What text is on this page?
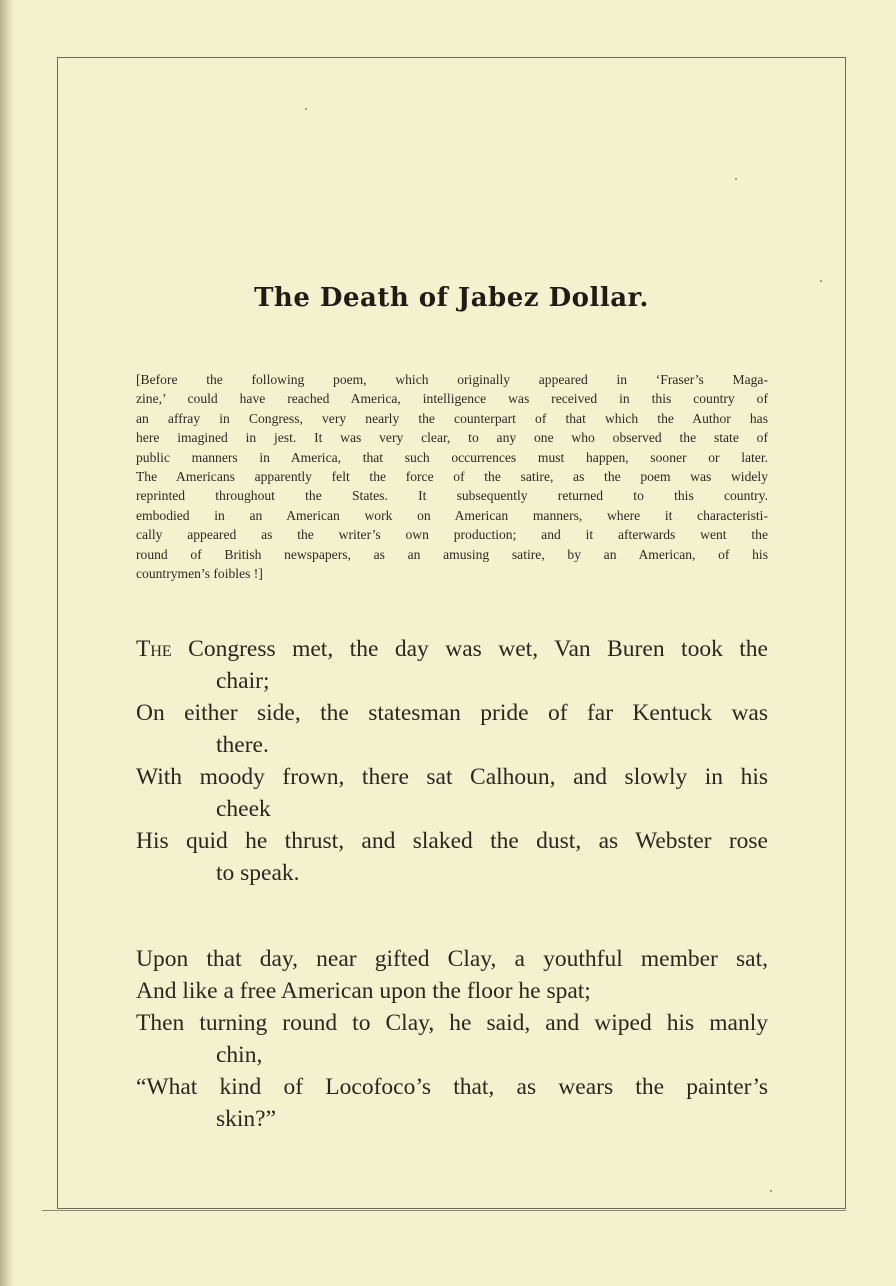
The Death of Jabez Dollar.
[Before the following poem, which originally appeared in ‘Fraser’s Maga-
zine,’ could have reached America, intelligence was received in this country of
an affray in Congress, very nearly the counterpart of that which the Author has
here imagined in jest. It was very clear, to any one who observed the state of
public manners in America, that such occurrences must happen, sooner or later.
The Americans apparently felt the force of the satire, as the poem was widely
reprinted throughout the States. It subsequently returned to this country.
embodied in an American work on American manners, where it characteristi-
cally appeared as the writer’s own production; and it afterwards went the
round of British newspapers, as an amusing satire, by an American, of his
countrymen’s foibles !]
The Congress met, the day was wet, Van Buren took the
chair;
On either side, the statesman pride of far Kentuck was
there.
With moody frown, there sat Calhoun, and slowly in his
cheek
His quid he thrust, and slaked the dust, as Webster rose
to speak.
Upon that day, near gifted Clay, a youthful member sat,
And like a free American upon the floor he spat;
Then turning round to Clay, he said, and wiped his manly
chin,
“What kind of Locofoco’s that, as wears the painter’s
skin?”
